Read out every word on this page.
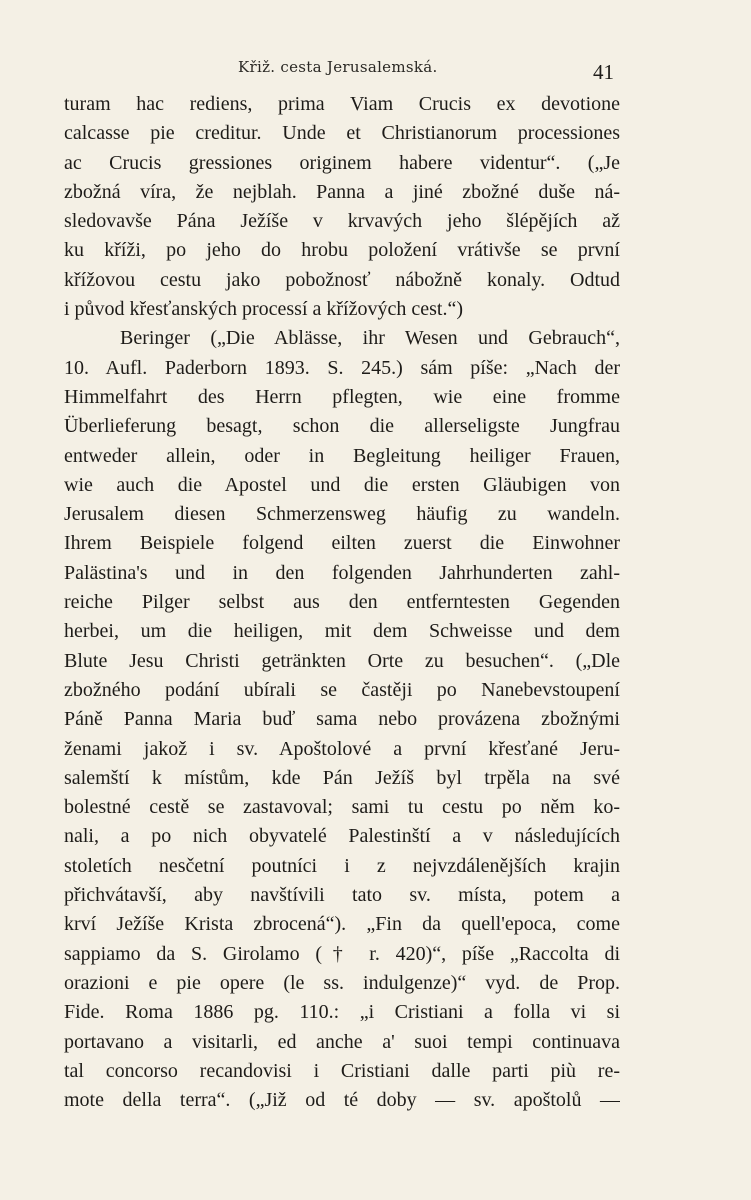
Křiž. cesta Jerusalemská.	41
turam hac rediens, prima Viam Crucis ex devotione
calcasse pie creditur. Unde et Christianorum processiones
ac Crucis gressiones originem habere videntur“. („Je
zbožná víra, že nejblah. Panna a jiné zbožné duše ná-
sledovavše Pána Ježíše v krvavých jeho šlépějích až
ku kříži, po jeho do hrobu položení vrátivše se první
křížovou cestu jako pobožnosť nábožně konaly. Odtud
i původ křesťanských processí a křížových cest.“)
Beringer („Die Ablässe, ihr Wesen und Gebrauch“,
10. Aufl. Paderborn 1893. S. 245.) sám píše: „Nach der
Himmelfahrt des Herrn pflegten, wie eine fromme
Überlieferung besagt, schon die allerseligste Jungfrau
entweder allein, oder in Begleitung heiliger Frauen,
wie auch die Apostel und die ersten Gläubigen von
Jerusalem diesen Schmerzensweg häufig zu wandeln.
Ihrem Beispiele folgend eilten zuerst die Einwohner
Palästina's und in den folgenden Jahrhunderten zahl-
reiche Pilger selbst aus den entferntesten Gegenden
herbei, um die heiligen, mit dem Schweisse und dem
Blute Jesu Christi getränkten Orte zu besuchen“. („Dle
zbožného podání ubírali se častěji po Nanebevstoupení
Páně Panna Maria buď sama nebo provázena zbožnými
ženami jakož i sv. Apoštolové a první křesťané Jeru-
salemští k místům, kde Pán Ježíš byl trpěla na své
bolestné cestě se zastavoval; sami tu cestu po něm ko-
nali, a po nich obyvatelé Palestinští a v následujících
stoletích nesčetní poutníci i z nejvzdálenějších krajin
přichvátavší, aby navštívili tato sv. místa, potem a
krví Ježíše Krista zbrocená“). „Fin da quell'epoca, come
sappiamo da S. Girolamo († r. 420)“, píše „Raccolta di
orazioni e pie opere (le ss. indulgenze)“ vyd. de Prop.
Fide. Roma 1886 pg. 110.: „i Cristiani a folla vi si
portavano a visitarli, ed anche a' suoi tempi continuava
tal concorso recandovisi i Cristiani dalle parti più re-
mote della terra“. („Již od té doby — sv. apoštolů —
